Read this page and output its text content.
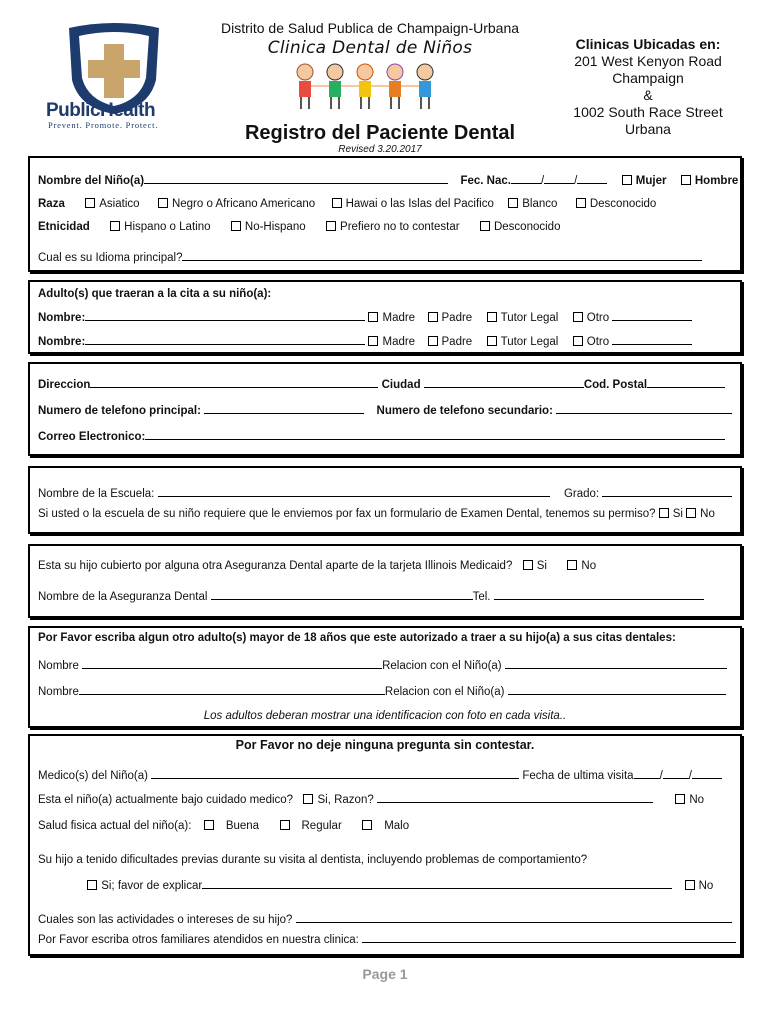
PublicHealth
Prevent. Promote. Protect.
Distrito de Salud Publica de Champaign-Urbana
Clinica Dental de Niños	Clinicas Ubicadas en:
201 West Kenyon Road
Champaign
&
1002 South Race Street
Urbana
Registro del Paciente Dental
Revised 3.20.2017
Nombre del Niño(a)	Fec. Nac.	/	/	Mujer Hombre
Raza	Asiatico	Negro o Africano Americano	Hawai o las Islas del Pacifico Blanco	Desconocido
Etnicidad	Hispano o Latino	No-Hispano	Prefiero no to contestar	Desconocido
Cual es su Idioma principal?
Adulto(s) que traeran a la cita a su niño(a):
Nombre:	Madre Padre Tutor Legal Otro
Nombre:	Madre Padre Tutor Legal Otro
Direccion	Ciudad	Cod. Postal
Numero de telefono principal:	Numero de telefono secundario:
Correo Electronico:
Nombre de la Escuela:	Grado:
Si usted o la escuela de su niño requiere que le enviemos por fax un formulario de Examen Dental, tenemos su permiso? Si No
Esta su hijo cubierto por alguna otra Aseguranza Dental aparte de la tarjeta Illinois Medicaid? Si	No
Nombre de la Aseguranza Dental	Tel.
Por Favor escriba algun otro adulto(s) mayor de 18 años que este autorizado a traer a su hijo(a) a sus citas dentales:
Nombre	Relacion con el Niño(a)
Nombre	Relacion con el Niño(a)
Los adultos deberan mostrar una identificacion con foto en cada visita..
Por Favor no deje ninguna pregunta sin contestar.
Medico(s) del Niño(a)	Fecha de ultima visita / /
Esta el niño(a) actualmente bajo cuidado medico? Si, Razon?	No
Salud fisica actual del niño(a):	Buena	Regular	Malo
Su hijo a tenido dificultades previas durante su visita al dentista, incluyendo problemas de comportamiento?
Si; favor de explicar	No
Cuales son las actividades o intereses de su hijo?
Por Favor escriba otros familiares atendidos en nuestra clinica:
Page 1
